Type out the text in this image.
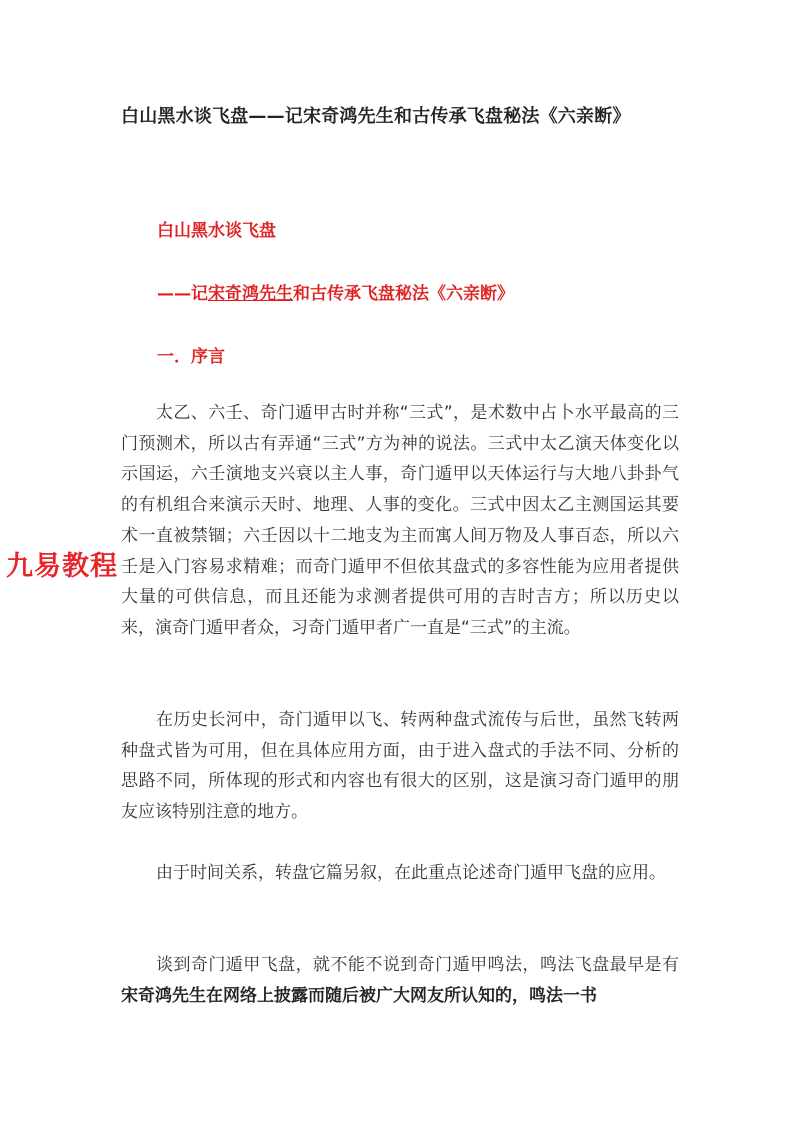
白山黑水谈飞盘——记宋奇鸿先生和古传承飞盘秘法《六亲断》
白山黑水谈飞盘
——记宋奇鸿先生和古传承飞盘秘法《六亲断》
一．序言
太乙、六壬、奇门遁甲古时并称“三式”，是术数中占卜水平最高的三门预测术，所以古有弄通“三式”方为神的说法。三式中太乙演天体变化以示国运，六壬演地支兴衰以主人事，奇门遁甲以天体运行与大地八卦卦气的有机组合来演示天时、地理、人事的变化。三式中因太乙主测国运其要术一直被禁锢；六壬因以十二地支为主而寓人间万物及人事百态，所以六壬是入门容易求精难；而奇门遁甲不但依其盘式的多容性能为应用者提供大量的可供信息，而且还能为求测者提供可用的吉时吉方；所以历史以来，演奇门遁甲者众，习奇门遁甲者广一直是“三式”的主流。
在历史长河中，奇门遁甲以飞、转两种盘式流传与后世，虽然飞转两种盘式皆为可用，但在具体应用方面，由于进入盘式的手法不同、分析的思路不同，所体现的形式和内容也有很大的区别，这是演习奇门遁甲的朋友应该特别注意的地方。
由于时间关系，转盘它篇另叙，在此重点论述奇门遁甲飞盘的应用。
谈到奇门遁甲飞盘，就不能不说到奇门遁甲鸣法，鸣法飞盘最早是有宋奇鸿先生在网络上披露而随后被广大网友所认知的，鸣法一书
九易教程
